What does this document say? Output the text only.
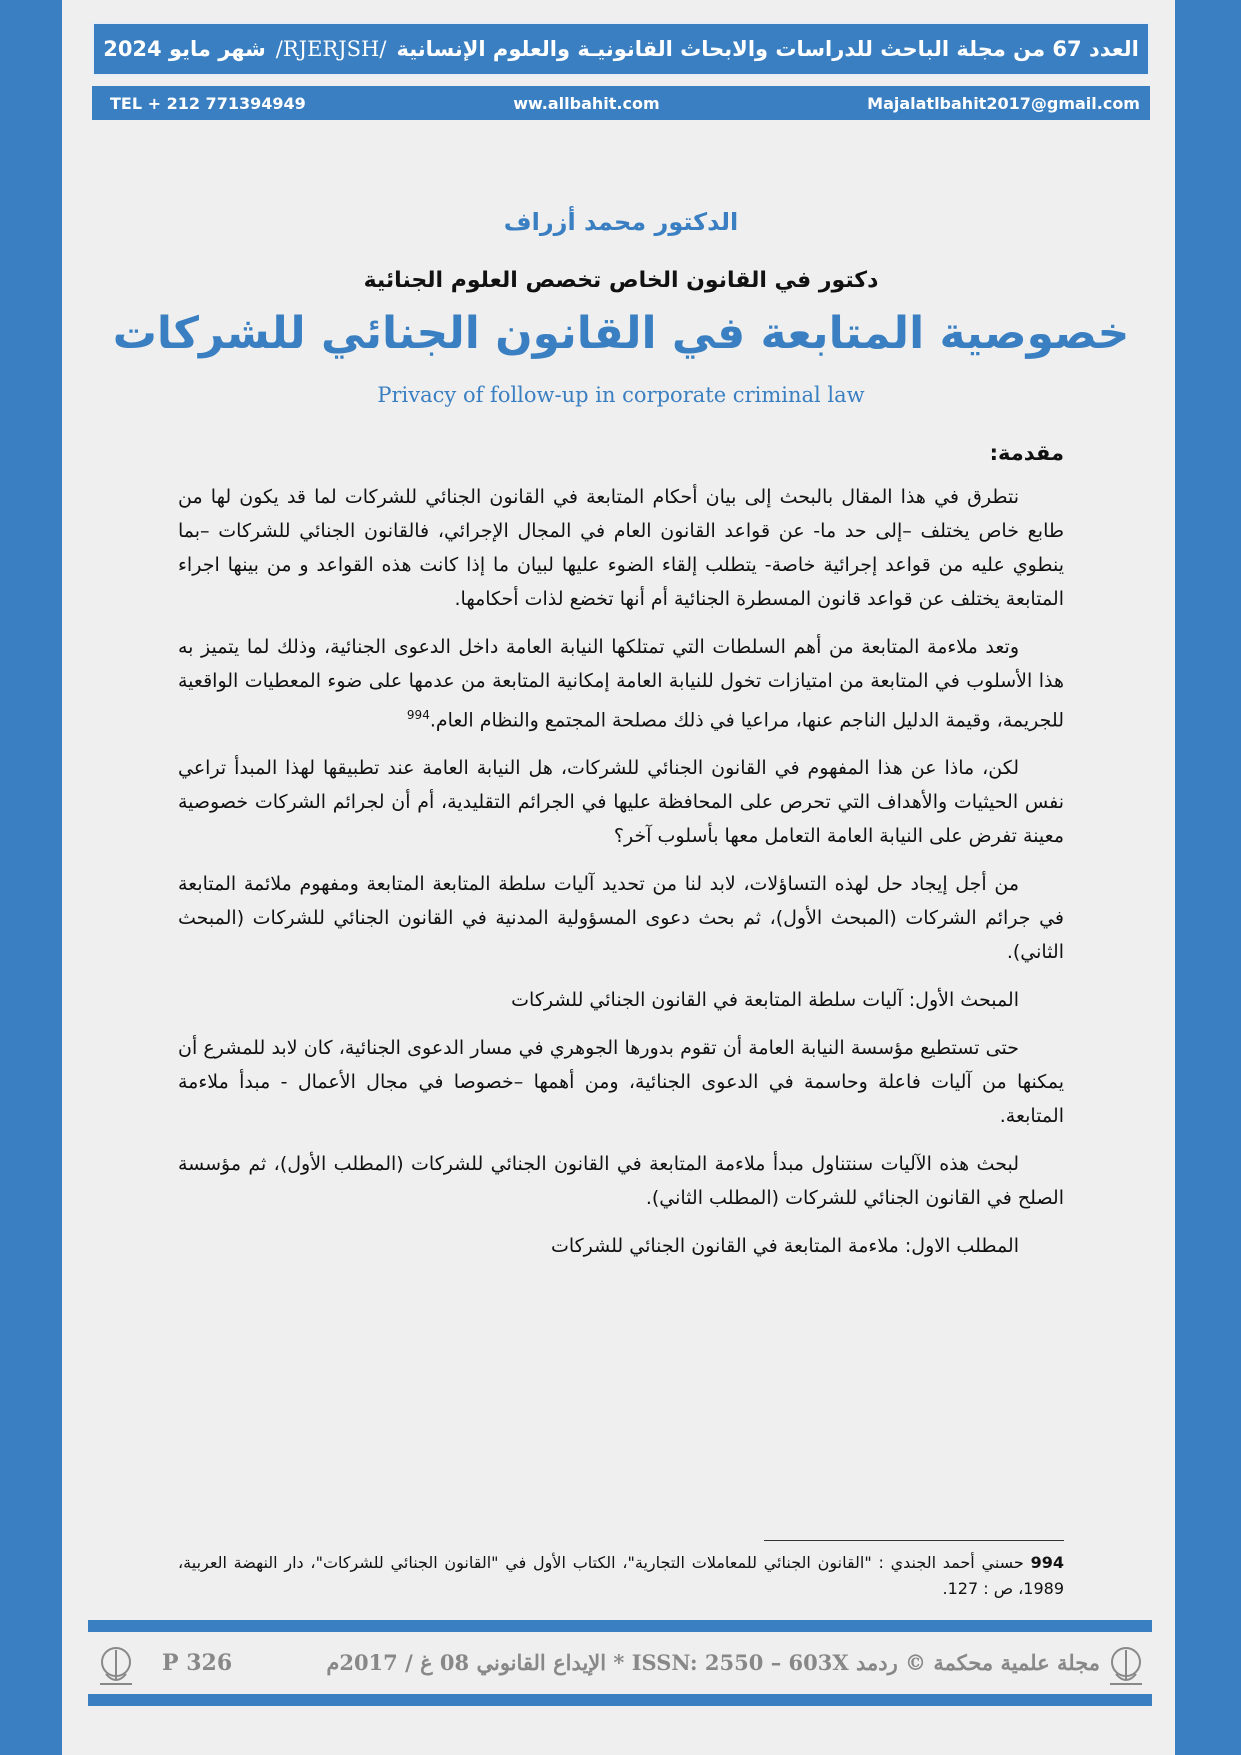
العدد 67 من مجلة الباحث للدراسات والابحاث القانونيـة والعلوم الإنسانية
/RJERJSH/
شهر مايو 2024
TEL + 212 771394949	ww.allbahit.com	Majalatlbahit2017@gmail.com
الدكتور محمد أزراف
دكتور في القانون الخاص تخصص العلوم الجنائية
خصوصية المتابعة في القانون الجنائي للشركات
Privacy of follow-up in corporate criminal law
مقدمة:

نتطرق في هذا المقال بالبحث إلى بيان أحكام المتابعة في القانون الجنائي للشركات لما قد يكون لها من طابع خاص يختلف –إلى حد ما- عن قواعد القانون العام في المجال الإجرائي، فالقانون الجنائي للشركات –بما ينطوي عليه من قواعد إجرائية خاصة- يتطلب إلقاء الضوء عليها لبيان ما إذا كانت هذه القواعد و من بينها اجراء المتابعة يختلف عن قواعد قانون المسطرة الجنائية أم أنها تخضع لذات أحكامها.

وتعد ملاءمة المتابعة من أهم السلطات التي تمتلكها النيابة العامة داخل الدعوى الجنائية، وذلك لما يتميز به هذا الأسلوب في المتابعة من امتيازات تخول للنيابة العامة إمكانية المتابعة من عدمها على ضوء المعطيات الواقعية للجريمة، وقيمة الدليل الناجم عنها، مراعيا في ذلك مصلحة المجتمع والنظام العام.$^{994}$

لكن، ماذا عن هذا المفهوم في القانون الجنائي للشركات، هل النيابة العامة عند تطبيقها لهذا المبدأ تراعي نفس الحيثيات والأهداف التي تحرص على المحافظة عليها في الجرائم التقليدية، أم أن لجرائم الشركات خصوصية معينة تفرض على النيابة العامة التعامل معها بأسلوب آخر؟

من أجل إيجاد حل لهذه التساؤلات، لابد لنا من تحديد آليات سلطة المتابعة المتابعة ومفهوم ملائمة المتابعة في جرائم الشركات (المبحث الأول)، ثم بحث دعوى المسؤولية المدنية في القانون الجنائي للشركات (المبحث الثاني).

المبحث الأول: آليات سلطة المتابعة في القانون الجنائي للشركات

حتى تستطيع مؤسسة النيابة العامة أن تقوم بدورها الجوهري في مسار الدعوى الجنائية، كان لابد للمشرع أن يمكنها من آليات فاعلة وحاسمة في الدعوى الجنائية، ومن أهمها –خصوصا في مجال الأعمال - مبدأ ملاءمة المتابعة.

لبحث هذه الآليات سنتناول مبدأ ملاءمة المتابعة في القانون الجنائي للشركات (المطلب الأول)، ثم مؤسسة الصلح في القانون الجنائي للشركات (المطلب الثاني).

المطلب الاول: ملاءمة المتابعة في القانون الجنائي للشركات

994 حسني أحمد الجندي : "القانون الجنائي للمعاملات التجارية"، الكتاب الأول في "القانون الجنائي للشركات"، دار النهضة العربية، 1989، ص : 127.
P 326	مجلة علمية محكمة © ردمد ISSN: 2550 – 603X * الإيداع القانوني 08 غ / 2017م
